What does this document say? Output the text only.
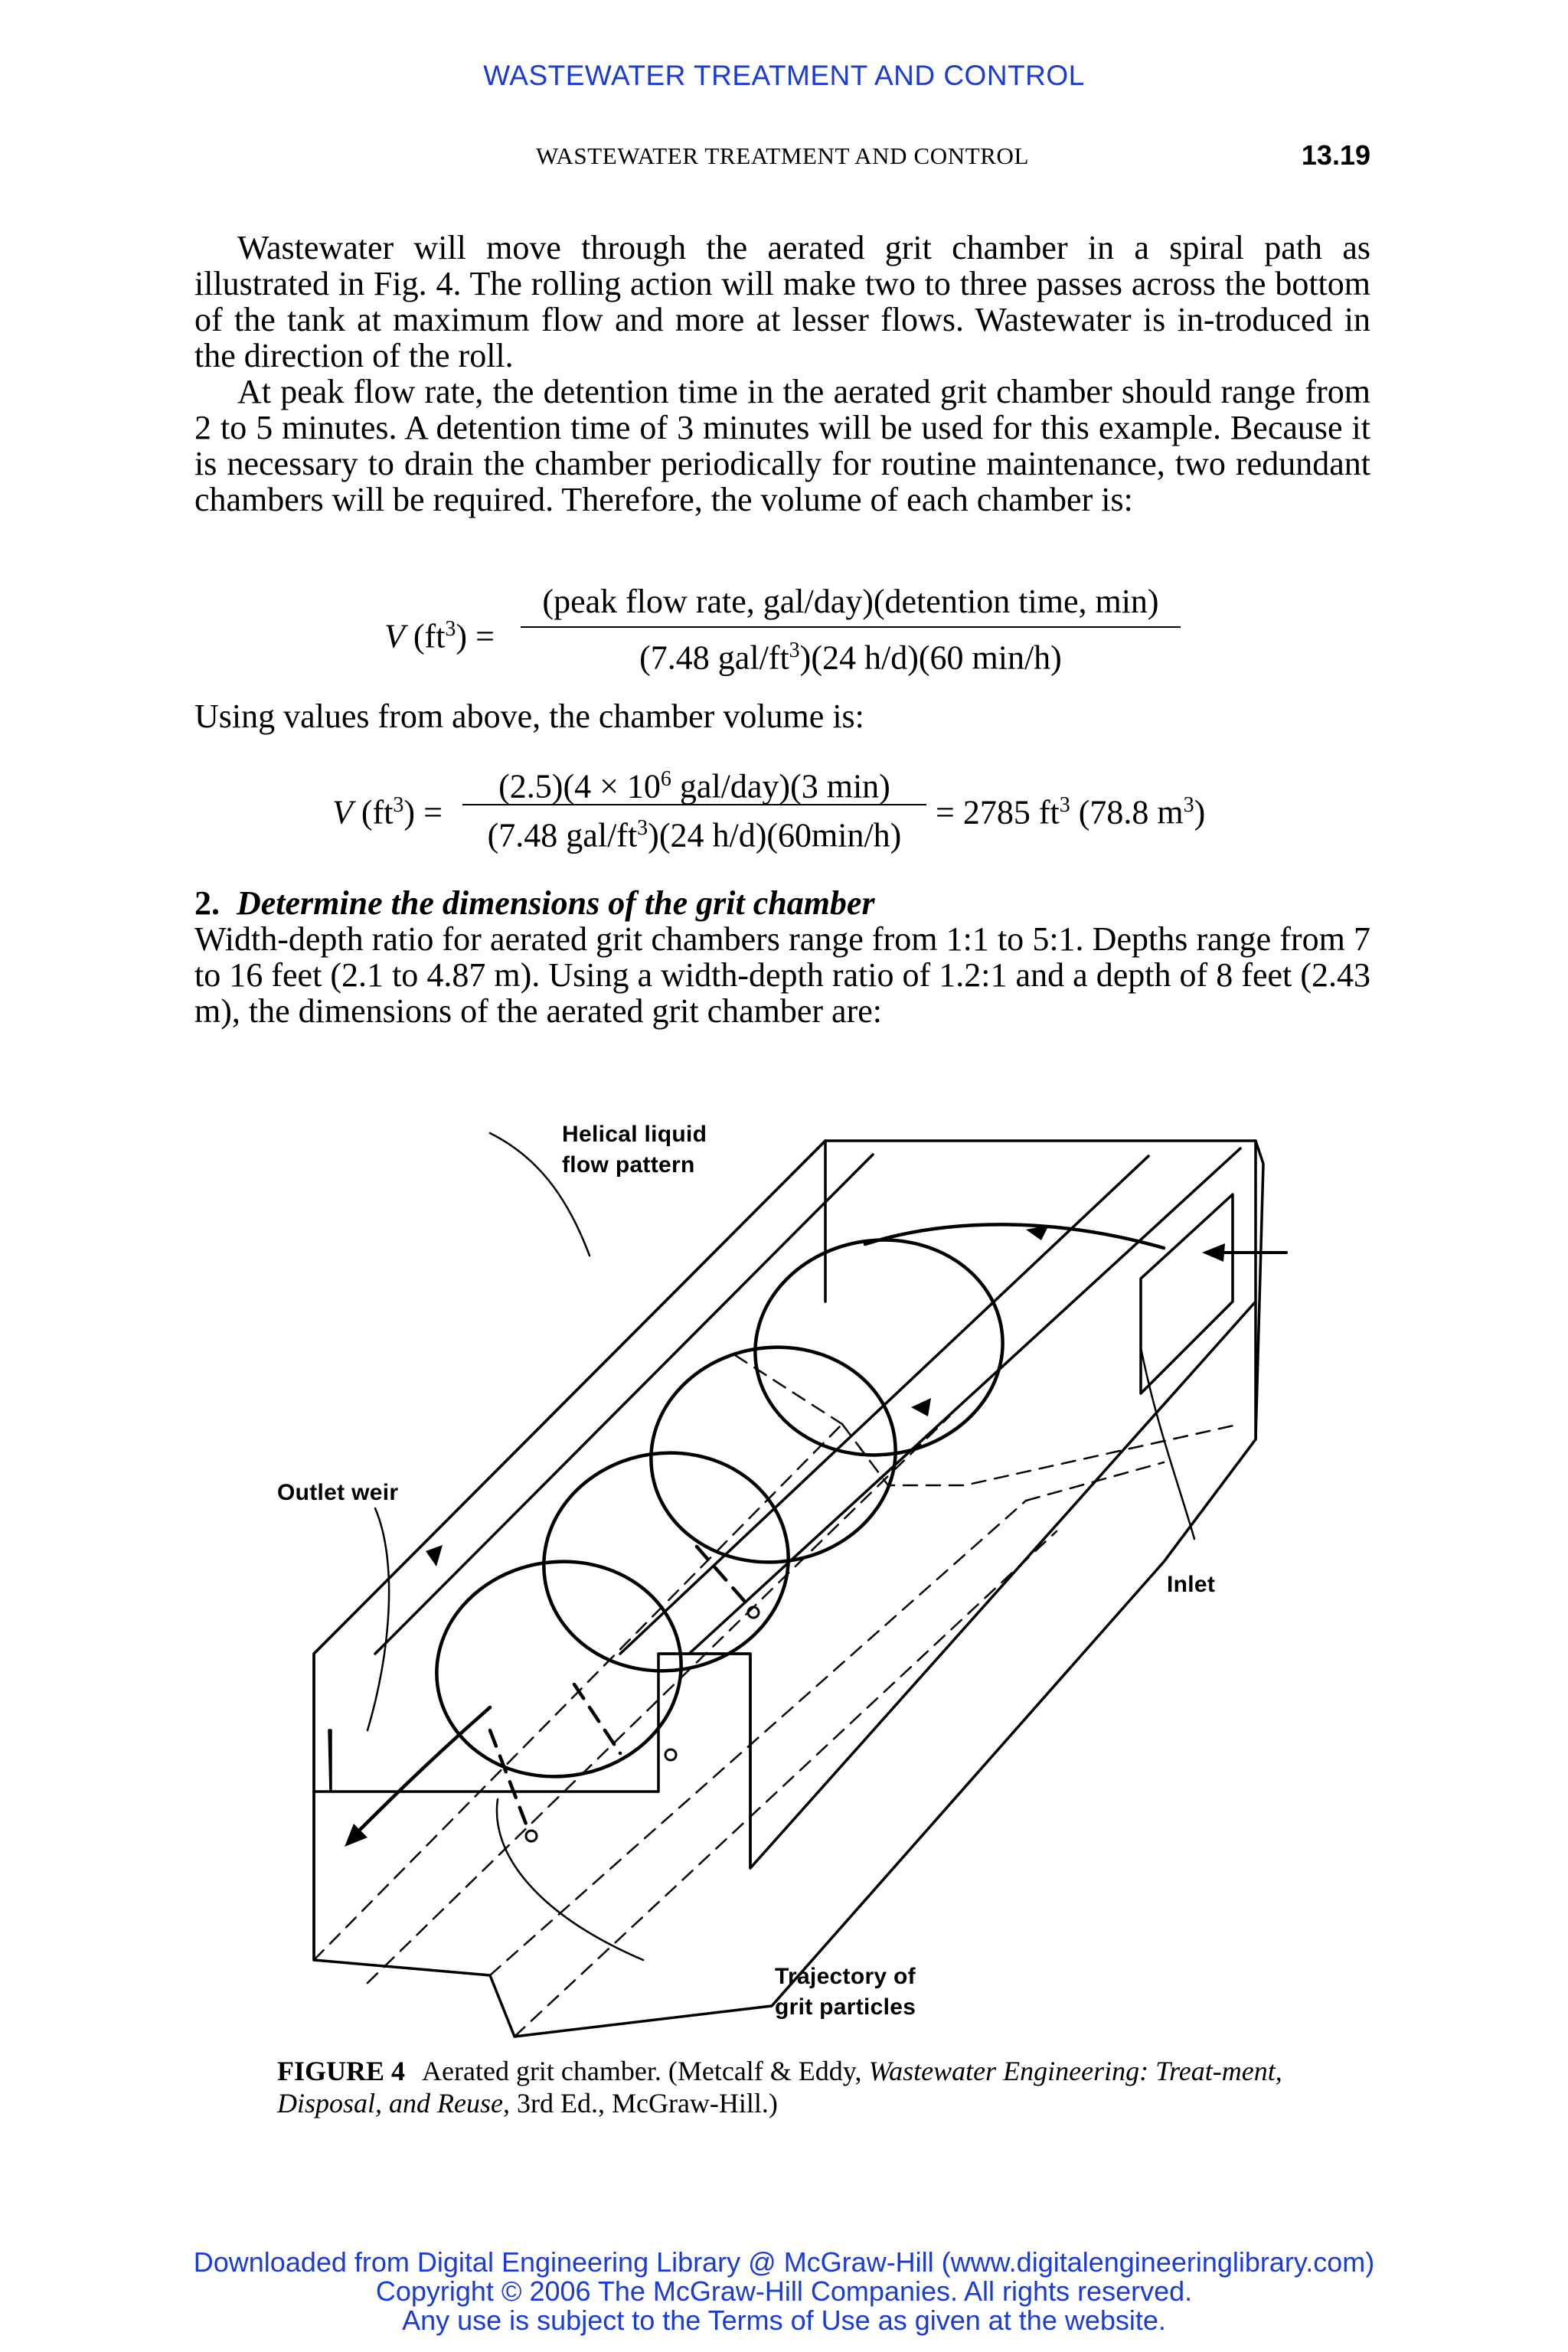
WASTEWATER TREATMENT AND CONTROL
WASTEWATER TREATMENT AND CONTROL	13.19

Wastewater will move through the aerated grit chamber in a spiral path as illustrated in Fig. 4. The rolling action will make two to three passes across the bottom of the tank at maximum flow and more at lesser flows. Wastewater is in-troduced in the direction of the roll.

At peak flow rate, the detention time in the aerated grit chamber should range from 2 to 5 minutes. A detention time of 3 minutes will be used for this example. Because it is necessary to drain the chamber periodically for routine maintenance, two redundant chambers will be required. Therefore, the volume of each chamber is:

V $(ft^3)$ =
(peak flow rate, gal/day)(detention time, min)
(7.48 gal/$ft^3)(24$ h/d)(60 min/h)

Using values from above, the chamber volume is:

V $(ft^3)$ =
$(2.5)(4 \times 10^6$ gal/day)(3 min)
(7.48 gal/$ft^3)(24$ h/d)(60min/h)
= 2785 $ft^3$ (78.8 $m^3$)

2. Determine the dimensions of the grit chamber

Width-depth ratio for aerated grit chambers range from 1:1 to 5:1. Depths range from 7 to 16 feet (2.1 to 4.87 m). Using a width-depth ratio of 1.2:1 and a depth of 8 feet (2.43 m), the dimensions of the aerated grit chamber are:

Helical liquid
flow pattern
Outlet weir
Inlet
Trajectory of
grit particles
FIGURE 4 Aerated grit chamber. (Metcalf & Eddy, Wastewater Engineering: Treat-ment, Disposal, and Reuse, 3rd Ed., McGraw-Hill.)
Downloaded from Digital Engineering Library @ McGraw-Hill (www.digitalengineeringlibrary.com)
Copyright © 2006 The McGraw-Hill Companies. All rights reserved.
Any use is subject to the Terms of Use as given at the website.
